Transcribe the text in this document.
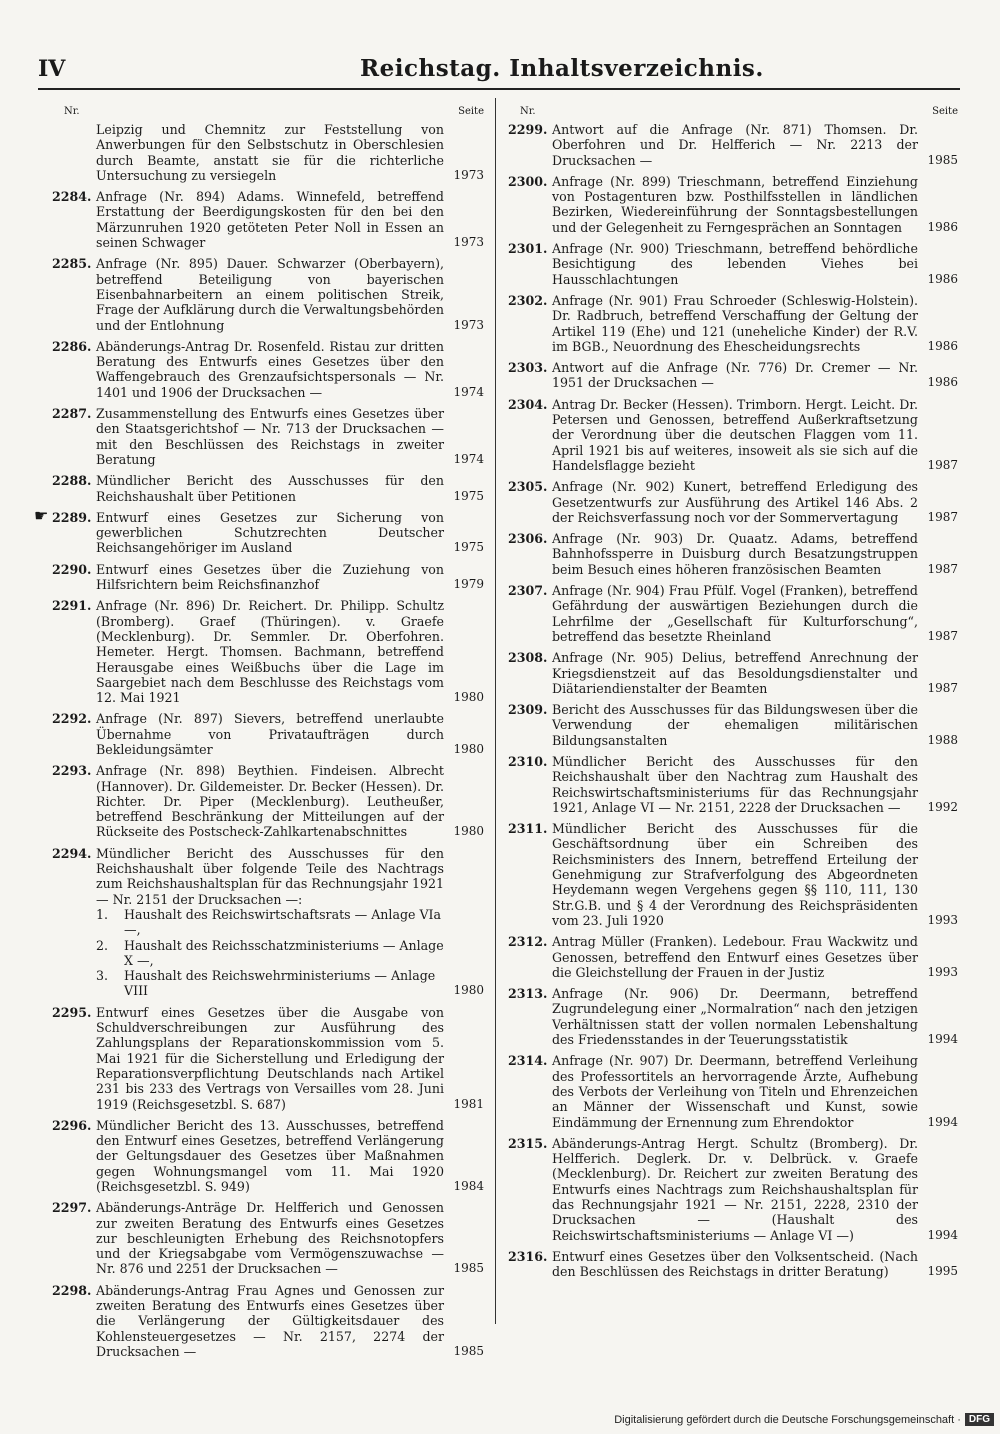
IV	Reichstag. Inhaltsverzeichnis.
Nr.	Seite
Leipzig und Chemnitz zur Feststellung von Anwerbungen für den Selbstschutz in Oberschlesien durch Beamte, anstatt sie für die richterliche Untersuchung zu versiegeln	1973
2284. Anfrage (Nr. 894) Adams. Winnefeld, betreffend Erstattung der Beerdigungskosten für den bei den Märzunruhen 1920 getöteten Peter Noll in Essen an seinen Schwager	1973
2285. Anfrage (Nr. 895) Dauer. Schwarzer (Oberbayern), betreffend Beteiligung von bayerischen Eisenbahnarbeitern an einem politischen Streik, Frage der Aufklärung durch die Verwaltungsbehörden und der Entlohnung	1973
2286. Abänderungs-Antrag Dr. Rosenfeld. Ristau zur dritten Beratung des Entwurfs eines Gesetzes über den Waffengebrauch des Grenzaufsichtspersonals — Nr. 1401 und 1906 der Drucksachen —	1974
2287. Zusammenstellung des Entwurfs eines Gesetzes über den Staatsgerichtshof — Nr. 713 der Drucksachen — mit den Beschlüssen des Reichstags in zweiter Beratung	1974
2288. Mündlicher Bericht des Ausschusses für den Reichshaushalt über Petitionen	1975
☛ 2289. Entwurf eines Gesetzes zur Sicherung von gewerblichen Schutzrechten Deutscher Reichsangehöriger im Ausland	1975
2290. Entwurf eines Gesetzes über die Zuziehung von Hilfsrichtern beim Reichsfinanzhof	1979
2291. Anfrage (Nr. 896) Dr. Reichert. Dr. Philipp. Schultz (Bromberg). Graef (Thüringen). v. Graefe (Mecklenburg). Dr. Semmler. Dr. Oberfohren. Hemeter. Hergt. Thomsen. Bachmann, betreffend Herausgabe eines Weißbuchs über die Lage im Saargebiet nach dem Beschlusse des Reichstags vom 12. Mai 1921	1980
2292. Anfrage (Nr. 897) Sievers, betreffend unerlaubte Übernahme von Privataufträgen durch Bekleidungsämter	1980
2293. Anfrage (Nr. 898) Beythien. Findeisen. Albrecht (Hannover). Dr. Gildemeister. Dr. Becker (Hessen). Dr. Richter. Dr. Piper (Mecklenburg). Leutheußer, betreffend Beschränkung der Mitteilungen auf der Rückseite des Postscheck-Zahlkartenabschnittes	1980
2294. Mündlicher Bericht des Ausschusses für den Reichshaushalt über folgende Teile des Nachtrags zum Reichshaushaltsplan für das Rechnungsjahr 1921 — Nr. 2151 der Drucksachen —:
1. Haushalt des Reichswirtschaftsrats — Anlage VIa —,
2. Haushalt des Reichsschatzministeriums — Anlage X —,
3. Haushalt des Reichswehrministeriums — Anlage VIII	1980
2295. Entwurf eines Gesetzes über die Ausgabe von Schuldverschreibungen zur Ausführung des Zahlungsplans der Reparationskommission vom 5. Mai 1921 für die Sicherstellung und Erledigung der Reparationsverpflichtung Deutschlands nach Artikel 231 bis 233 des Vertrags von Versailles vom 28. Juni 1919 (Reichsgesetzbl. S. 687)	1981
2296. Mündlicher Bericht des 13. Ausschusses, betreffend den Entwurf eines Gesetzes, betreffend Verlängerung der Geltungsdauer des Gesetzes über Maßnahmen gegen Wohnungsmangel vom 11. Mai 1920 (Reichsgesetzbl. S. 949)	1984
2297. Abänderungs-Anträge Dr. Helfferich und Genossen zur zweiten Beratung des Entwurfs eines Gesetzes zur beschleunigten Erhebung des Reichsnotopfers und der Kriegsabgabe vom Vermögenszuwachse — Nr. 876 und 2251 der Drucksachen —	1985
2298. Abänderungs-Antrag Frau Agnes und Genossen zur zweiten Beratung des Entwurfs eines Gesetzes über die Verlängerung der Gültigkeitsdauer des Kohlensteuergesetzes — Nr. 2157, 2274 der Drucksachen —	1985
Nr.	Seite
2299. Antwort auf die Anfrage (Nr. 871) Thomsen. Dr. Oberfohren und Dr. Helfferich — Nr. 2213 der Drucksachen —	1985
2300. Anfrage (Nr. 899) Trieschmann, betreffend Einziehung von Postagenturen bzw. Posthilfsstellen in ländlichen Bezirken, Wiedereinführung der Sonntagsbestellungen und der Gelegenheit zu Ferngesprächen an Sonntagen	1986
2301. Anfrage (Nr. 900) Trieschmann, betreffend behördliche Besichtigung des lebenden Viehes bei Hausschlachtungen	1986
2302. Anfrage (Nr. 901) Frau Schroeder (Schleswig-Holstein). Dr. Radbruch, betreffend Verschaffung der Geltung der Artikel 119 (Ehe) und 121 (uneheliche Kinder) der R.V. im BGB., Neuordnung des Ehescheidungsrechts	1986
2303. Antwort auf die Anfrage (Nr. 776) Dr. Cremer — Nr. 1951 der Drucksachen —	1986
2304. Antrag Dr. Becker (Hessen). Trimborn. Hergt. Leicht. Dr. Petersen und Genossen, betreffend Außerkraftsetzung der Verordnung über die deutschen Flaggen vom 11. April 1921 bis auf weiteres, insoweit als sie sich auf die Handelsflagge bezieht	1987
2305. Anfrage (Nr. 902) Kunert, betreffend Erledigung des Gesetzentwurfs zur Ausführung des Artikel 146 Abs. 2 der Reichsverfassung noch vor der Sommervertagung	1987
2306. Anfrage (Nr. 903) Dr. Quaatz. Adams, betreffend Bahnhofssperre in Duisburg durch Besatzungstruppen beim Besuch eines höheren französischen Beamten	1987
2307. Anfrage (Nr. 904) Frau Pfülf. Vogel (Franken), betreffend Gefährdung der auswärtigen Beziehungen durch die Lehrfilme der „Gesellschaft für Kulturforschung“, betreffend das besetzte Rheinland	1987
2308. Anfrage (Nr. 905) Delius, betreffend Anrechnung der Kriegsdienstzeit auf das Besoldungsdienstalter und Diätariendienstalter der Beamten	1987
2309. Bericht des Ausschusses für das Bildungswesen über die Verwendung der ehemaligen militärischen Bildungsanstalten	1988
2310. Mündlicher Bericht des Ausschusses für den Reichshaushalt über den Nachtrag zum Haushalt des Reichswirtschaftsministeriums für das Rechnungsjahr 1921, Anlage VI — Nr. 2151, 2228 der Drucksachen —	1992
2311. Mündlicher Bericht des Ausschusses für die Geschäftsordnung über ein Schreiben des Reichsministers des Innern, betreffend Erteilung der Genehmigung zur Strafverfolgung des Abgeordneten Heydemann wegen Vergehens gegen §§ 110, 111, 130 Str.G.B. und § 4 der Verordnung des Reichspräsidenten vom 23. Juli 1920	1993
2312. Antrag Müller (Franken). Ledebour. Frau Wackwitz und Genossen, betreffend den Entwurf eines Gesetzes über die Gleichstellung der Frauen in der Justiz	1993
2313. Anfrage (Nr. 906) Dr. Deermann, betreffend Zugrundelegung einer „Normalration“ nach den jetzigen Verhältnissen statt der vollen normalen Lebenshaltung des Friedensstandes in der Teuerungsstatistik	1994
2314. Anfrage (Nr. 907) Dr. Deermann, betreffend Verleihung des Professortitels an hervorragende Ärzte, Aufhebung des Verbots der Verleihung von Titeln und Ehrenzeichen an Männer der Wissenschaft und Kunst, sowie Eindämmung der Ernennung zum Ehrendoktor	1994
2315. Abänderungs-Antrag Hergt. Schultz (Bromberg). Dr. Helfferich. Deglerk. Dr. v. Delbrück. v. Graefe (Mecklenburg). Dr. Reichert zur zweiten Beratung des Entwurfs eines Nachtrags zum Reichshaushaltsplan für das Rechnungsjahr 1921 — Nr. 2151, 2228, 2310 der Drucksachen — (Haushalt des Reichswirtschaftsministeriums — Anlage VI —)	1994
2316. Entwurf eines Gesetzes über den Volksentscheid. (Nach den Beschlüssen des Reichstags in dritter Beratung)	1995
Digitalisierung gefördert durch die Deutsche Forschungsgemeinschaft · DFG
